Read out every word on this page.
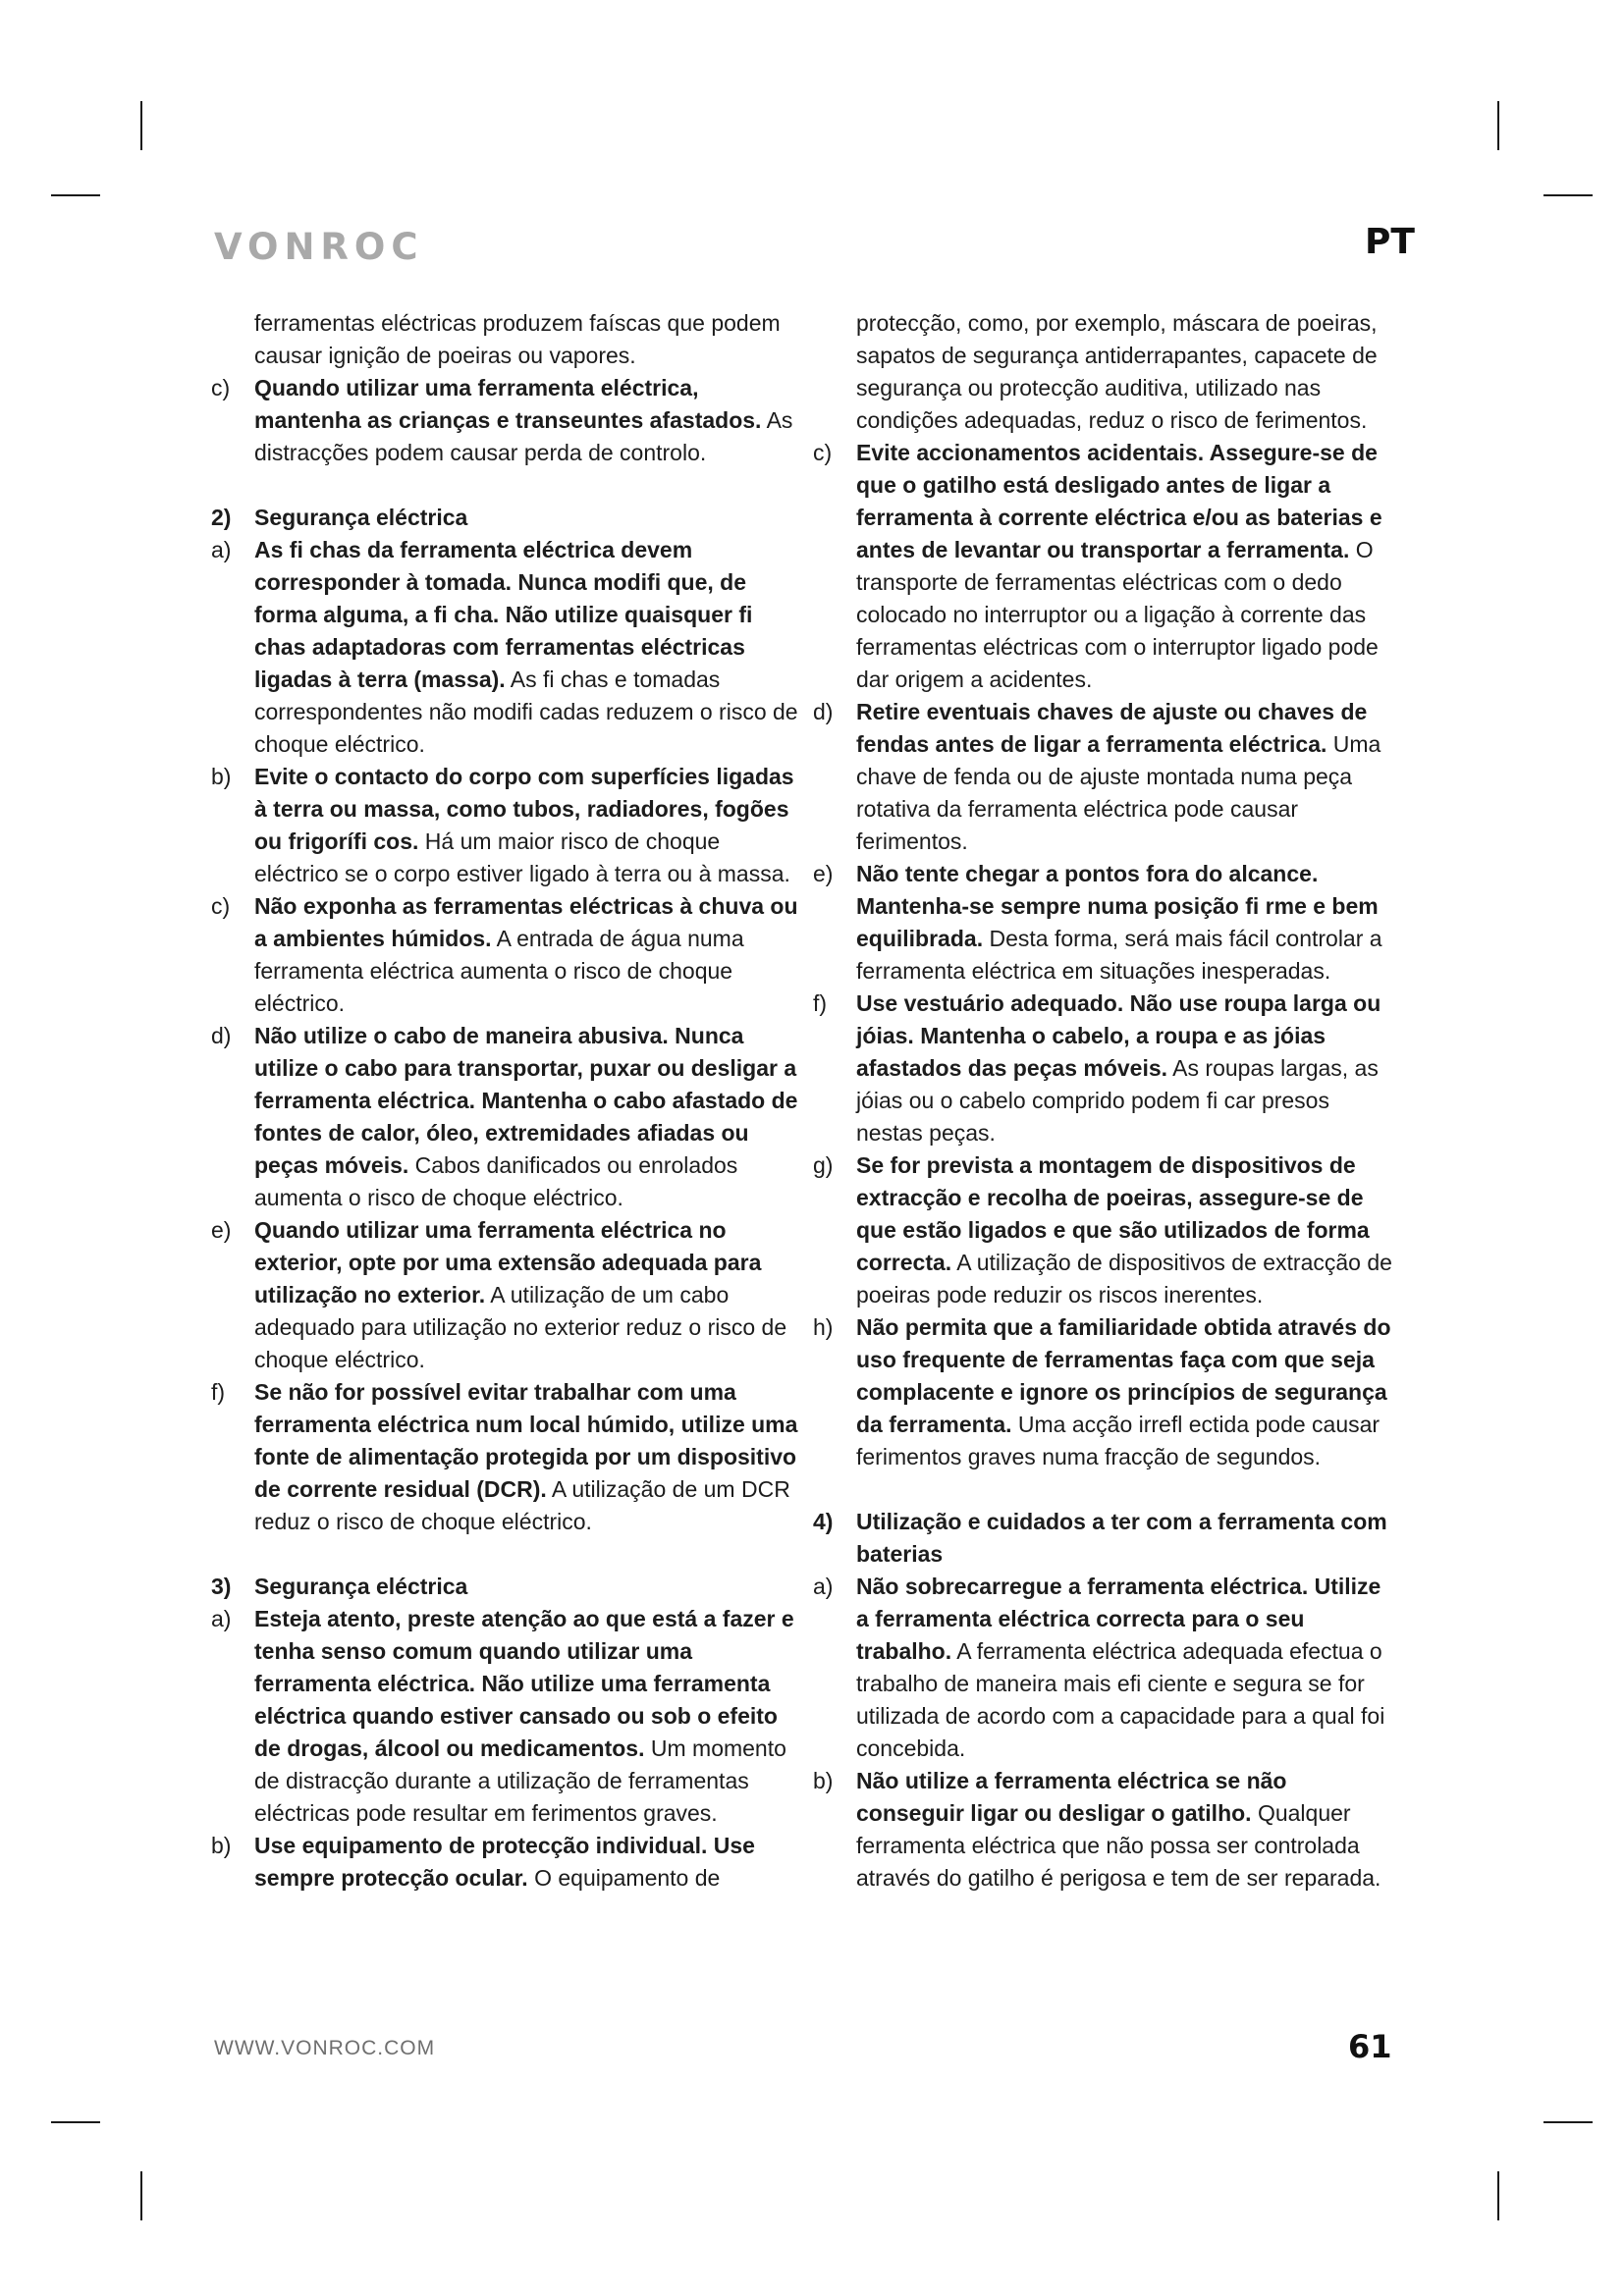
VONROC	PT
ferramentas eléctricas produzem faíscas que podem causar ignição de poeiras ou vapores.
c) Quando utilizar uma ferramenta eléctrica, mantenha as crianças e transeuntes afastados. As distracções podem causar perda de controlo.
2) Segurança eléctrica
a) As fi chas da ferramenta eléctrica devem corresponder à tomada. Nunca modifi que, de forma alguma, a fi cha. Não utilize quaisquer fi chas adaptadoras com ferramentas eléctricas ligadas à terra (massa). As fi chas e tomadas correspondentes não modifi cadas reduzem o risco de choque eléctrico.
b) Evite o contacto do corpo com superfícies ligadas à terra ou massa, como tubos, radiadores, fogões ou frigorífi cos. Há um maior risco de choque eléctrico se o corpo estiver ligado à terra ou à massa.
c) Não exponha as ferramentas eléctricas à chuva ou a ambientes húmidos. A entrada de água numa ferramenta eléctrica aumenta o risco de choque eléctrico.
d) Não utilize o cabo de maneira abusiva. Nunca utilize o cabo para transportar, puxar ou desligar a ferramenta eléctrica. Mantenha o cabo afastado de fontes de calor, óleo, extremidades afiadas ou peças móveis. Cabos danificados ou enrolados aumenta o risco de choque eléctrico.
e) Quando utilizar uma ferramenta eléctrica no exterior, opte por uma extensão adequada para utilização no exterior. A utilização de um cabo adequado para utilização no exterior reduz o risco de choque eléctrico.
f) Se não for possível evitar trabalhar com uma ferramenta eléctrica num local húmido, utilize uma fonte de alimentação protegida por um dispositivo de corrente residual (DCR). A utilização de um DCR reduz o risco de choque eléctrico.
3) Segurança eléctrica
a) Esteja atento, preste atenção ao que está a fazer e tenha senso comum quando utilizar uma ferramenta eléctrica. Não utilize uma ferramenta eléctrica quando estiver cansado ou sob o efeito de drogas, álcool ou medicamentos. Um momento de distracção durante a utilização de ferramentas eléctricas pode resultar em ferimentos graves.
b) Use equipamento de protecção individual. Use sempre protecção ocular. O equipamento de
protecção, como, por exemplo, máscara de poeiras, sapatos de segurança antiderrapantes, capacete de segurança ou protecção auditiva, utilizado nas condições adequadas, reduz o risco de ferimentos.
c) Evite accionamentos acidentais. Assegure-se de que o gatilho está desligado antes de ligar a ferramenta à corrente eléctrica e/ou as baterias e antes de levantar ou transportar a ferramenta. O transporte de ferramentas eléctricas com o dedo colocado no interruptor ou a ligação à corrente das ferramentas eléctricas com o interruptor ligado pode dar origem a acidentes.
d) Retire eventuais chaves de ajuste ou chaves de fendas antes de ligar a ferramenta eléctrica. Uma chave de fenda ou de ajuste montada numa peça rotativa da ferramenta eléctrica pode causar ferimentos.
e) Não tente chegar a pontos fora do alcance. Mantenha-se sempre numa posição fi rme e bem equilibrada. Desta forma, será mais fácil controlar a ferramenta eléctrica em situações inesperadas.
f) Use vestuário adequado. Não use roupa larga ou jóias. Mantenha o cabelo, a roupa e as jóias afastados das peças móveis. As roupas largas, as jóias ou o cabelo comprido podem fi car presos nestas peças.
g) Se for prevista a montagem de dispositivos de extracção e recolha de poeiras, assegure-se de que estão ligados e que são utilizados de forma correcta. A utilização de dispositivos de extracção de poeiras pode reduzir os riscos inerentes.
h) Não permita que a familiaridade obtida através do uso frequente de ferramentas faça com que seja complacente e ignore os princípios de segurança da ferramenta. Uma acção irrefl ectida pode causar ferimentos graves numa fracção de segundos.
4) Utilização e cuidados a ter com a ferramenta com baterias
a) Não sobrecarregue a ferramenta eléctrica. Utilize a ferramenta eléctrica correcta para o seu trabalho. A ferramenta eléctrica adequada efectua o trabalho de maneira mais efi ciente e segura se for utilizada de acordo com a capacidade para a qual foi concebida.
b) Não utilize a ferramenta eléctrica se não conseguir ligar ou desligar o gatilho. Qualquer ferramenta eléctrica que não possa ser controlada através do gatilho é perigosa e tem de ser reparada.
WWW.VONROC.COM	61
